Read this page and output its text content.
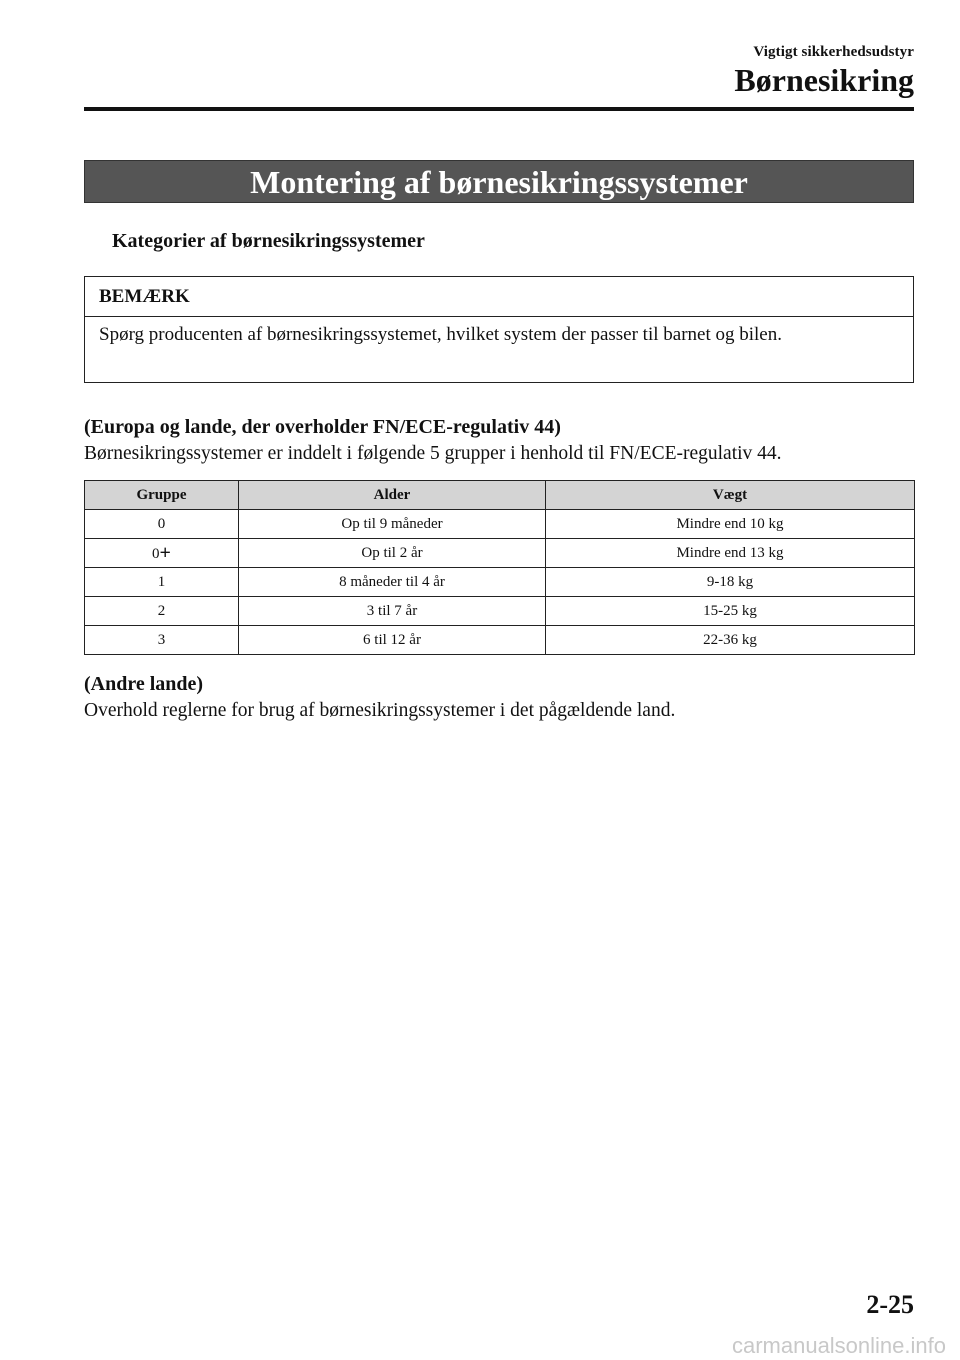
Vigtigt sikkerhedsudstyr
Børnesikring
Montering af børnesikringssystemer
Kategorier af børnesikringssystemer
BEMÆRK
Spørg producenten af børnesikringssystemet, hvilket system der passer til barnet og bilen.
(Europa og lande, der overholder FN/ECE-regulativ 44)
Børnesikringssystemer er inddelt i følgende 5 grupper i henhold til FN/ECE-regulativ 44.
Gruppe	Alder	Vægt
0	Op til 9 måneder	Mindre end 10 kg
0+	Op til 2 år	Mindre end 13 kg
1	8 måneder til 4 år	9-18 kg
2	3 til 7 år	15-25 kg
3	6 til 12 år	22-36 kg
(Andre lande)
Overhold reglerne for brug af børnesikringssystemer i det pågældende land.
2-25
carmanualsonline.info
